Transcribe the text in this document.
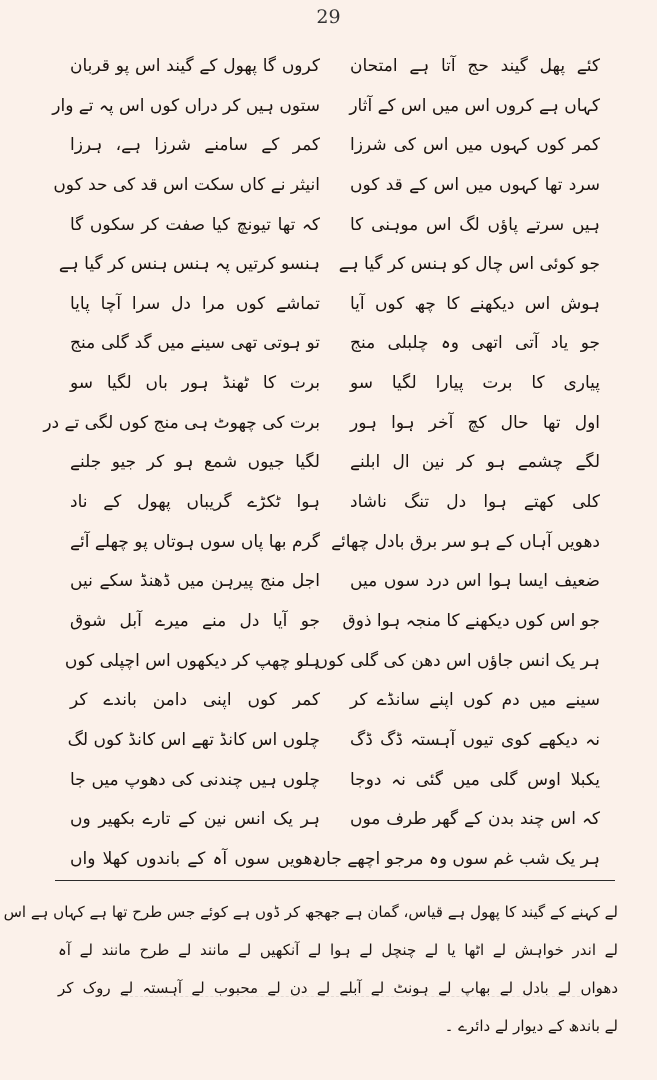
29
کئے پھل گیند حج آتا ہے امتحان
کہاں ہے کروں اس میں اس کے آثار
کمر کوں کہوں میں اس کی شرزا
سرد تھا کہوں میں اس کے قد کوں
ہیں سرتے پاؤں لگ اس موہنی کا
جو کوئی اس چال کو ہنس کر گیا ہے
ہوش اس دیکھنے کا چھ کوں آیا
جو یاد آتی اتھی وہ چلبلی منج
پیاری کا برت پیارا لگیا سو
اول تھا حال کچ آخر ہوا ہور
لگے چشمے ہو کر نین ال ابلنے
کلی کھتے ہوا دل تنگ ناشاد
دھویں آہاں کے ہو سر برق بادل چھائے
ضعیف ایسا ہوا اس درد سوں میں
جو اس کوں دیکھنے کا منجہ ہوا ذوق
ہر یک انس جاؤں اس دھن کی گلی کوں
سینے میں دم کوں اپنے سانڈے کر
نہ دیکھے کوی تیوں آہستہ ڈگ ڈگ
یکبلا اوس گلی میں گئی نہ دوجا
کہ اس چند بدن کے گھر طرف موں
ہر یک شب غم سوں وہ مرجو اچھے جاں
کروں گا پھول کے گیند اس پو قربان
ستوں ہیں کر دراں کوں اس پہ تے وار
کمر کے سامنے شرزا ہے، ہرزا
انیثر نے کاں سکت اس قد کی حد کوں
کہ تھا تیونچ کیا صفت کر سکوں گا
ہنسو کرتیں پہ ہنس ہنس کر گیا ہے
تماشے کوں مرا دل سرا آچا پایا
تو ہوتی تھی سینے میں گد گلی منج
برت کا ٹھنڈ ہور باں لگیا سو
برت کی چھوٹ ہی منج کوں لگی تے در
لگیا جیوں شمع ہو کر جیو جلنے
ہوا ٹکڑے گریباں پھول کے ناد
گرم بھا پاں سوں ہوتاں پو چھلے آئے
اجل منج پیرہن میں ڈھنڈ سکے نیں
جو آیا دل منے میرے آبل شوق
ہلو چھپ کر دیکھوں اس اچپلی کوں
کمر کوں اپنی دامن باندے کر
چلوں اس کانڈ تھے اس کانڈ کوں لگ
چلوں ہیں چندنی کی دھوپ میں جا
ہر یک انس نین کے تارے بکھیر وں
دھویں سوں آہ کے باندوں کھلا واں
لے کہنے کے گیند کا پھول ہے قیاس، گمان ہے جھجھ کر ڈوں ہے کوئے جس طرح تھا ہے کہاں ہے اس
لے اندر خواہش لے اٹھا یا لے چنچل لے ہوا لے آنکھیں لے مانند لے طرح مانند لے آہ
دھواں لے بادل لے بھاپ لے ہونٹ لے آبلے لے دن لے محبوب لے آہستہ لے روک کر
لے باندھ کے دیوار لے دائرے ۔
